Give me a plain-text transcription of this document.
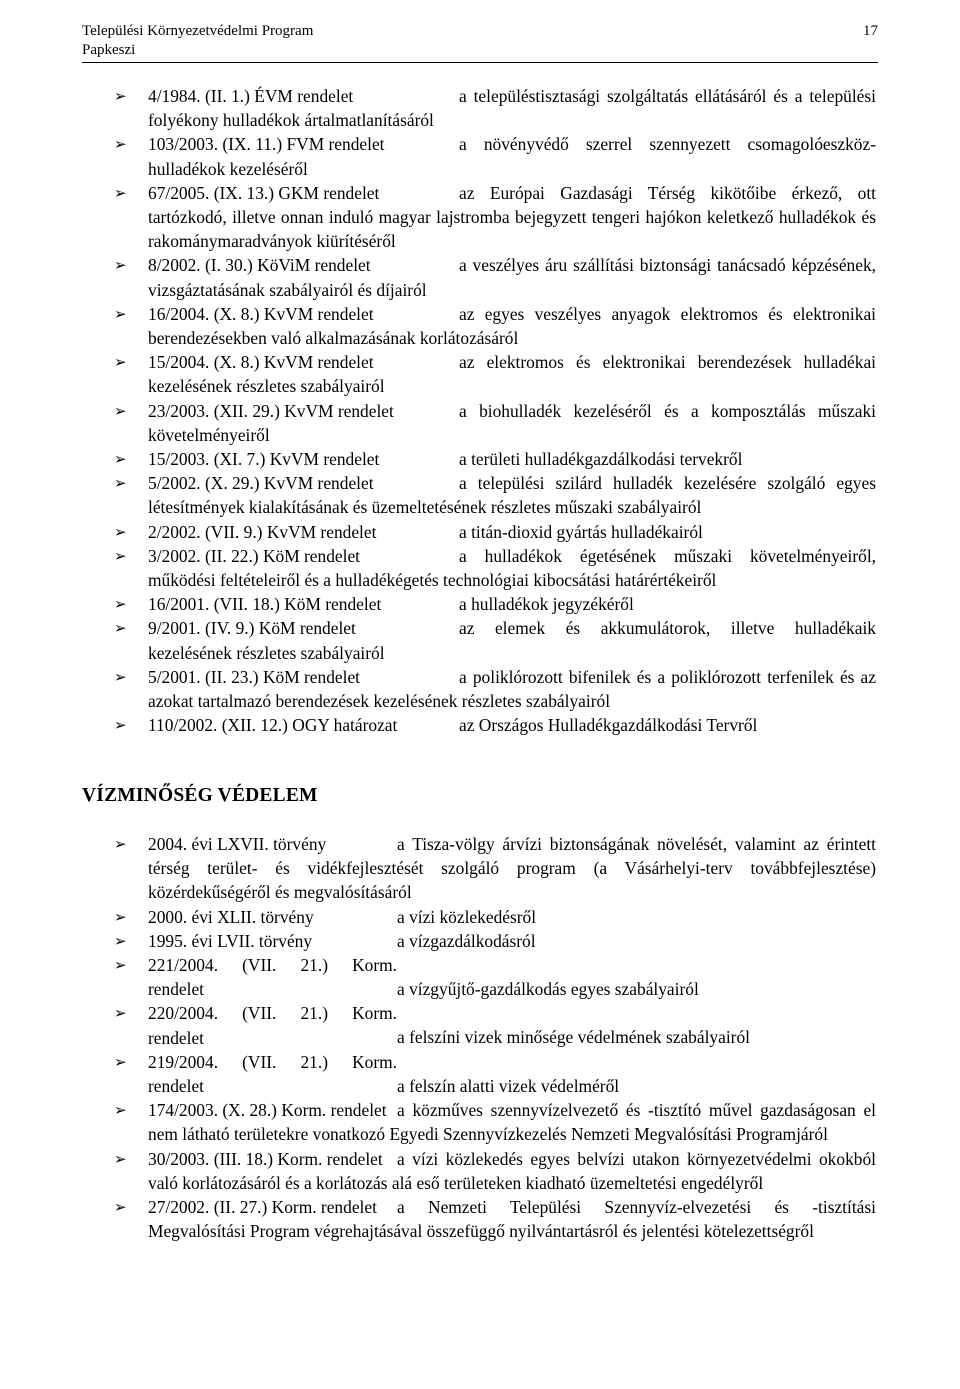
Települési Környezetvédelmi Program
Papkeszi
17
➢ 4/1984. (II. 1.) ÉVM rendelet	a településtisztasági szolgáltatás ellátásáról és a települési folyékony hulladékok ártalmatlanításáról
➢ 103/2003. (IX. 11.) FVM rendelet	a növényvédő szerrel szennyezett csomagolóeszköz-hulladékok kezeléséről
➢ 67/2005. (IX. 13.) GKM rendelet	az Európai Gazdasági Térség kikötőibe érkező, ott tartózkodó, illetve onnan induló magyar lajstromba bejegyzett tengeri hajókon keletkező hulladékok és rakománymaradványok kiürítéséről
➢ 8/2002. (I. 30.) KöViM rendelet	a veszélyes áru szállítási biztonsági tanácsadó képzésének, vizsgáztatásának szabályairól és díjairól
➢ 16/2004. (X. 8.) KvVM rendelet	az egyes veszélyes anyagok elektromos és elektronikai berendezésekben való alkalmazásának korlátozásáról
➢ 15/2004. (X. 8.) KvVM rendelet	az elektromos és elektronikai berendezések hulladékai kezelésének részletes szabályairól
➢ 23/2003. (XII. 29.) KvVM rendelet	a biohulladék kezeléséről és a komposztálás műszaki követelményeiről
➢ 15/2003. (XI. 7.) KvVM rendelet	a területi hulladékgazdálkodási tervekről
➢ 5/2002. (X. 29.) KvVM rendelet	a települési szilárd hulladék kezelésére szolgáló egyes létesítmények kialakításának és üzemeltetésének részletes műszaki szabályairól
➢ 2/2002. (VII. 9.) KvVM rendelet	a titán-dioxid gyártás hulladékairól
➢ 3/2002. (II. 22.) KöM rendelet	a hulladékok égetésének műszaki követelményeiről, működési feltételeiről és a hulladékégetés technológiai kibocsátási határértékeiről
➢ 16/2001. (VII. 18.) KöM rendelet	a hulladékok jegyzékéről
➢ 9/2001. (IV. 9.) KöM rendelet	az elemek és akkumulátorok, illetve hulladékaik kezelésének részletes szabályairól
➢ 5/2001. (II. 23.) KöM rendelet	a poliklórozott bifenilek és a poliklórozott terfenilek és az azokat tartalmazó berendezések kezelésének részletes szabályairól
➢ 110/2002. (XII. 12.) OGY határozat	az Országos Hulladékgazdálkodási Tervről
VÍZMINŐSÉG VÉDELEM
➢ 2004. évi LXVII. törvény	a Tisza-völgy árvízi biztonságának növelését, valamint az érintett térség terület- és vidékfejlesztését szolgáló program (a Vásárhelyi-terv továbbfejlesztése) közérdekűségéről és megvalósításáról
➢ 2000. évi XLII. törvény	a vízi közlekedésről
➢ 1995. évi LVII. törvény	a vízgazdálkodásról
➢ 221/2004. (VII. 21.) Korm. rendelet	a vízgyűjtő-gazdálkodás egyes szabályairól
➢ 220/2004. (VII. 21.) Korm. rendelet	a felszíni vizek minősége védelmének szabályairól
➢ 219/2004. (VII. 21.) Korm. rendelet	a felszín alatti vizek védelméről
➢ 174/2003. (X. 28.) Korm. rendelet a közműves szennyvízelvezető és -tisztító művel gazdaságosan el nem látható területekre vonatkozó Egyedi Szennyvízkezelés Nemzeti Megvalósítási Programjáról
➢ 30/2003. (III. 18.) Korm. rendelet a vízi közlekedés egyes belvízi utakon környezetvédelmi okokból való korlátozásáról és a korlátozás alá eső területeken kiadható üzemeltetési engedélyről
➢ 27/2002. (II. 27.) Korm. rendelet a Nemzeti Települési Szennyvíz-elvezetési és -tisztítási Megvalósítási Program végrehajtásával összefüggő nyilvántartásról és jelentési kötelezettségről
